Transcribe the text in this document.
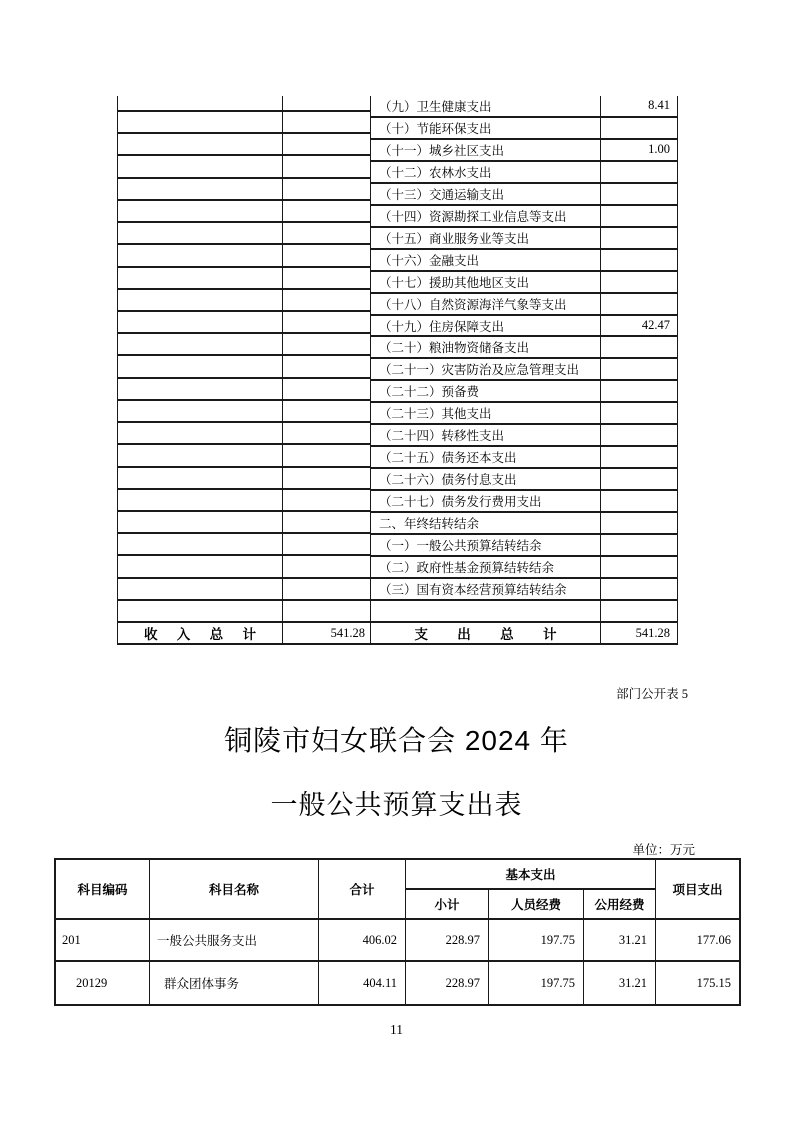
（九）卫生健康支出	8.41
（十）节能环保支出
（十一）城乡社区支出	1.00
（十二）农林水支出
（十三）交通运输支出
（十四）资源勘探工业信息等支出
（十五）商业服务业等支出
（十六）金融支出
（十七）援助其他地区支出
（十八）自然资源海洋气象等支出
（十九）住房保障支出	42.47
（二十）粮油物资储备支出
（二十一）灾害防治及应急管理支出
（二十二）预备费
（二十三）其他支出
（二十四）转移性支出
（二十五）债务还本支出
（二十六）债务付息支出
（二十七）债务发行费用支出
二、年终结转结余
（一）一般公共预算结转结余
（二）政府性基金预算结转结余
（三）国有资本经营预算结转结余
收 入 总 计	541.28	支 出 总 计	541.28
部门公开表 5
铜陵市妇女联合会 2024 年
一般公共预算支出表
单位：万元
科目编码	科目名称	合计
基本支出
项目支出
小计	人员经费	公用经费
201	一般公共服务支出	406.02	228.97	197.75	31.21	177.06
20129	群众团体事务	404.11	228.97	197.75	31.21	175.15
11
